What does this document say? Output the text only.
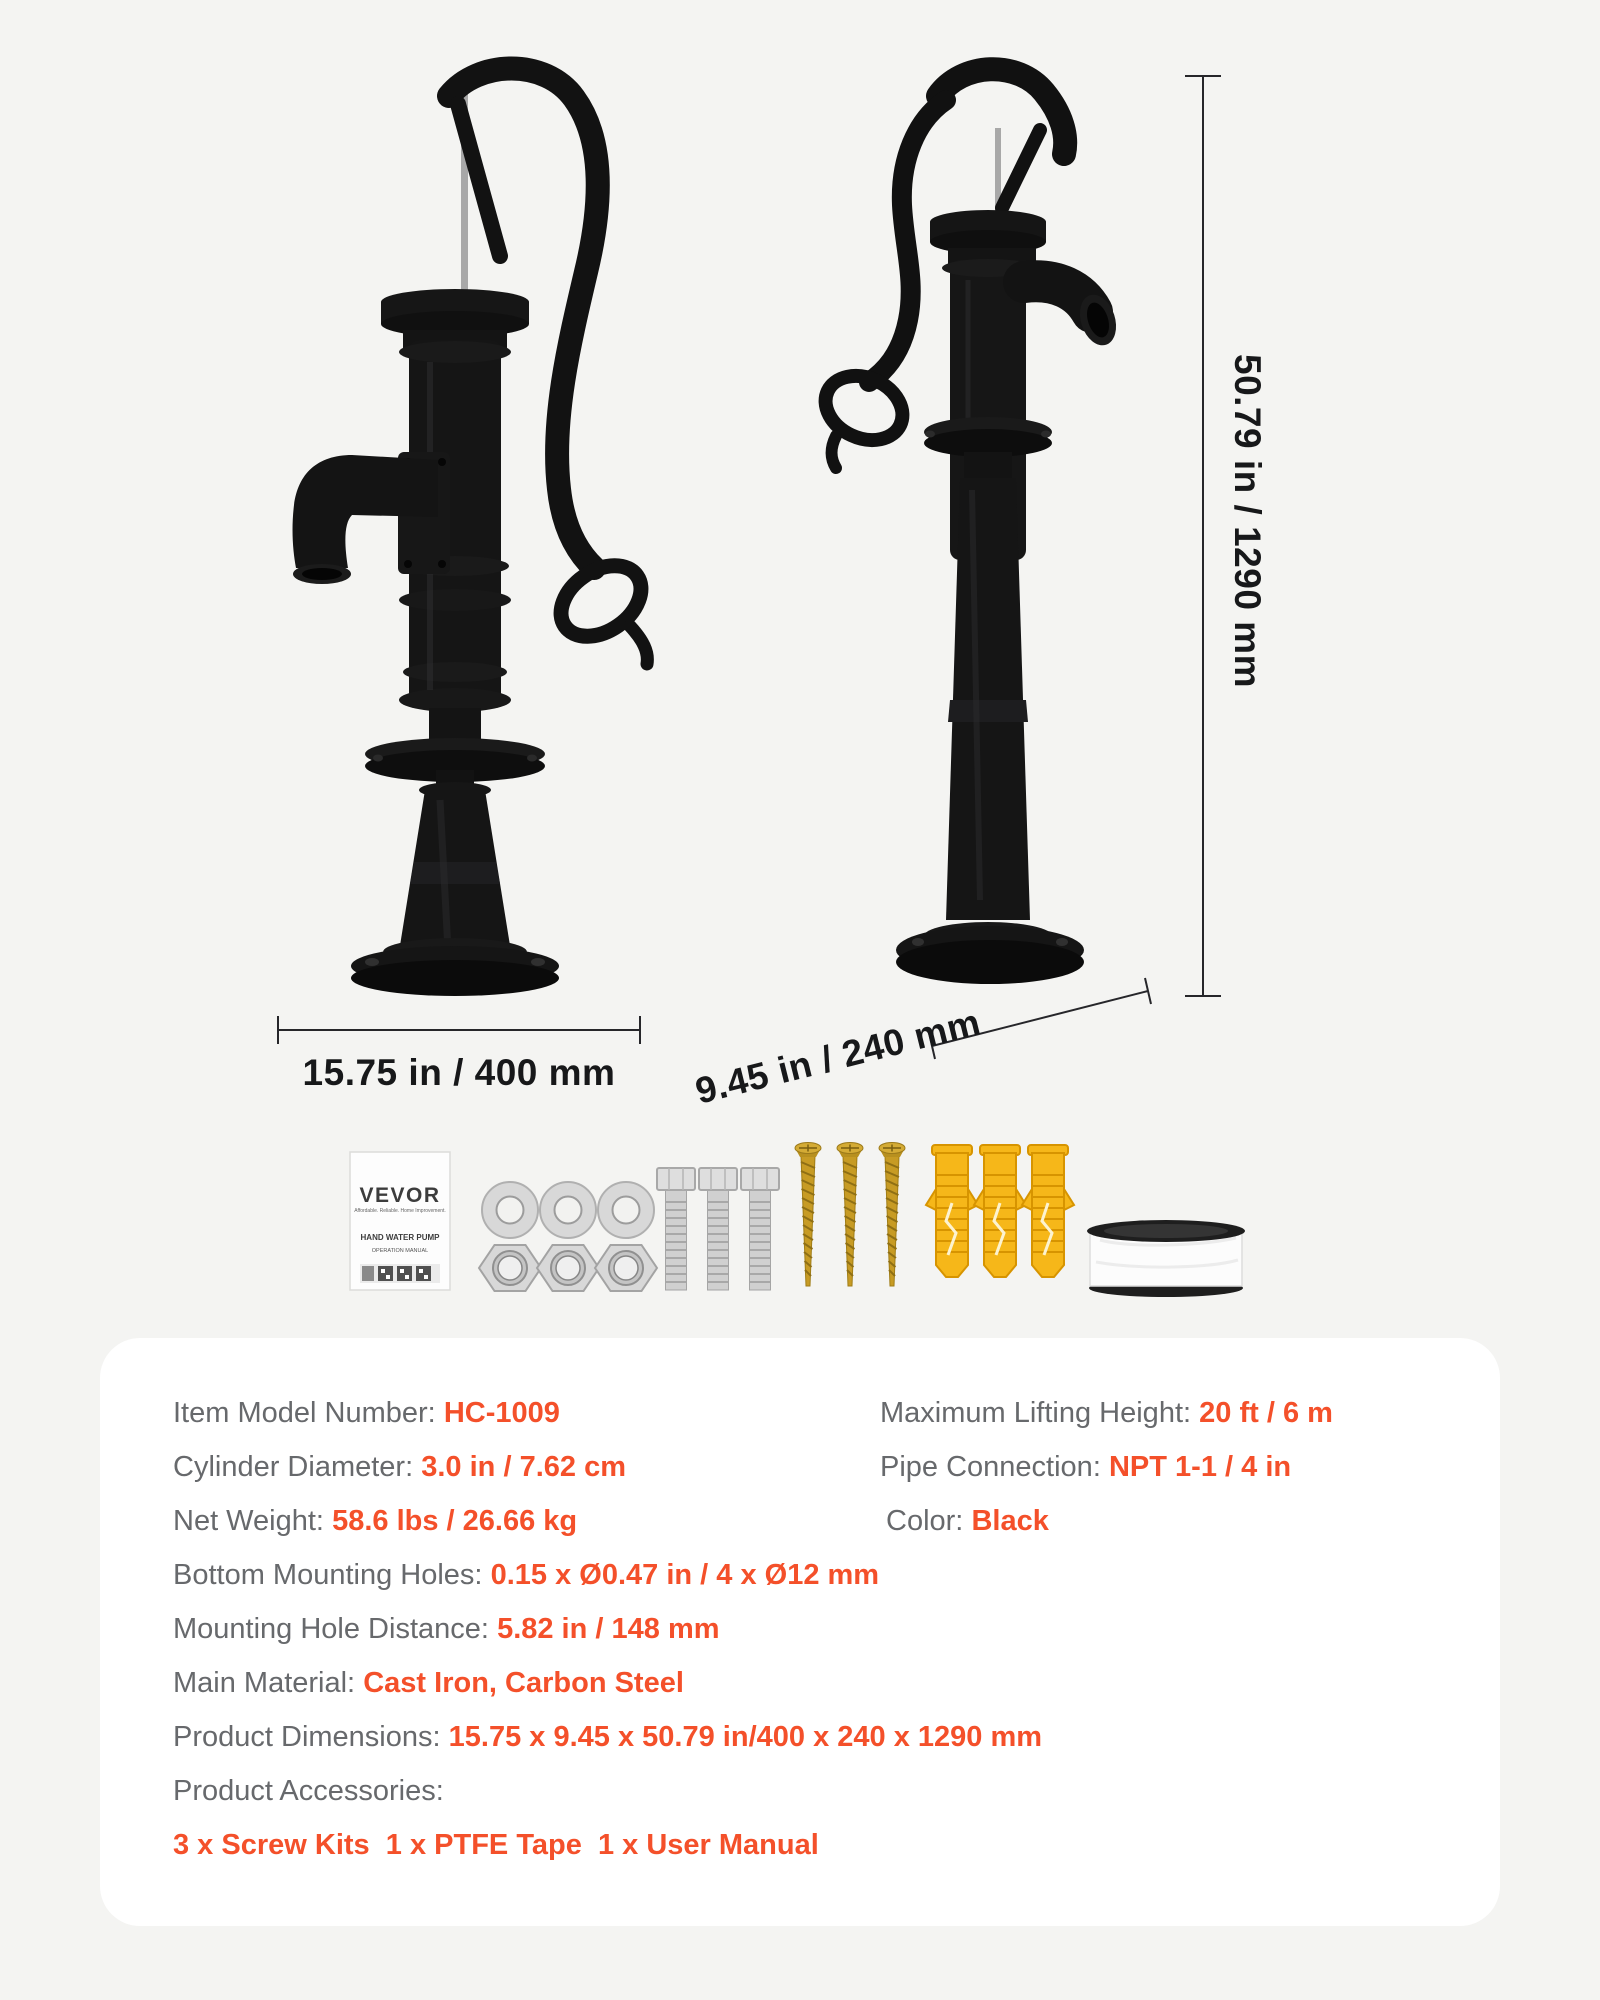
VEVOR
Affordable. Reliable. Home Improvement.
HAND WATER PUMP
OPERATION MANUAL
15.75 in / 400 mm	9.45 in / 240 mm
50.79 in / 1290 mm
Item Model Number: HC-1009	Maximum Lifting Height: 20 ft / 6 m
Cylinder Diameter: 3.0 in / 7.62 cm	Pipe Connection: NPT 1-1 / 4 in
Net Weight: 58.6 lbs / 26.66 kg	Color: Black
Bottom Mounting Holes: 0.15 x Ø0.47 in / 4 x Ø12 mm
Mounting Hole Distance: 5.82 in / 148 mm
Main Material: Cast Iron, Carbon Steel
Product Dimensions: 15.75 x 9.45 x 50.79 in/400 x 240 x 1290 mm
Product Accessories:
3 x Screw Kits  1 x PTFE Tape  1 x User Manual
